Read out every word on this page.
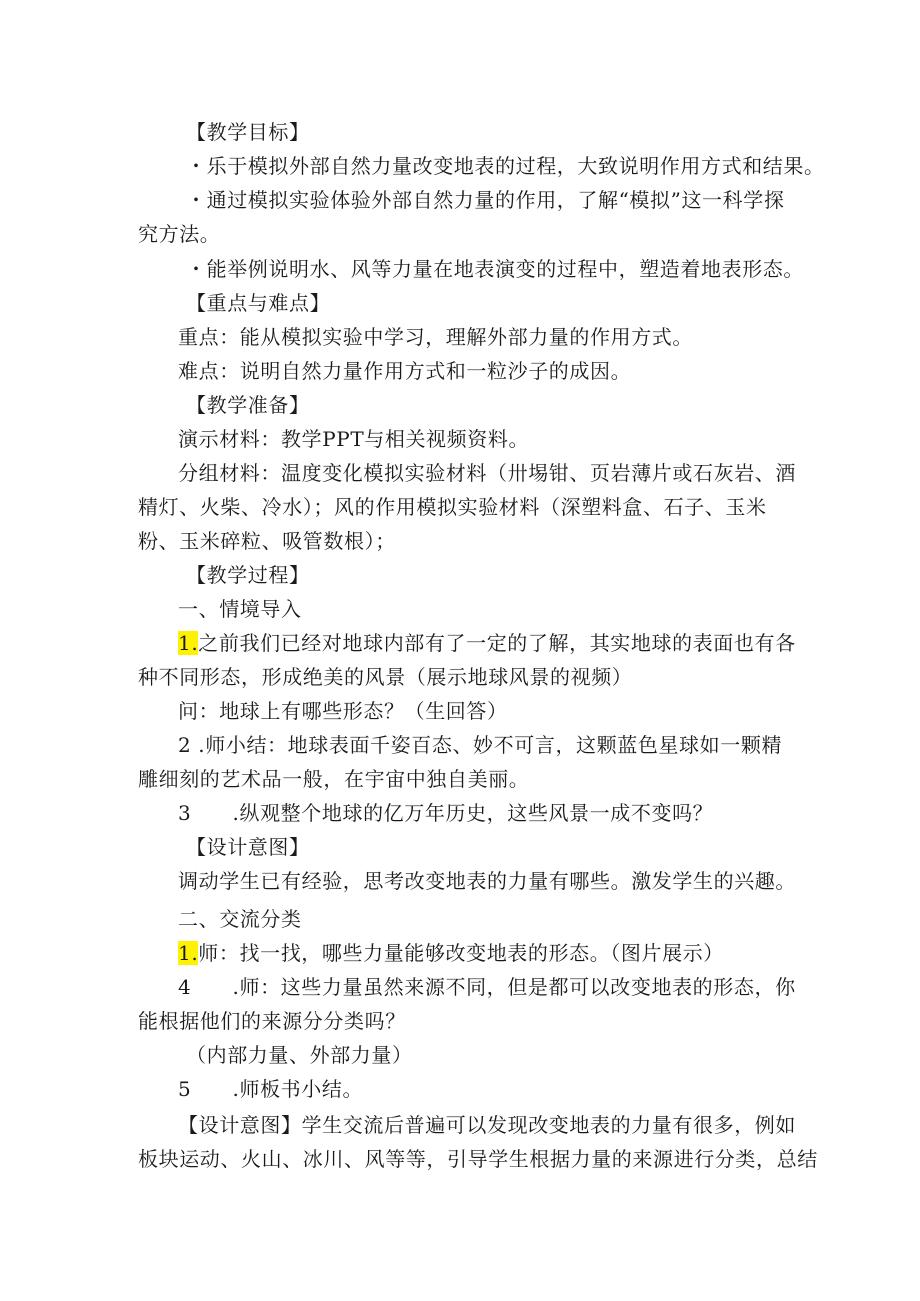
【教学目标】
・乐于模拟外部自然力量改变地表的过程，大致说明作用方式和结果。
・通过模拟实验体验外部自然力量的作用，了解“模拟”这一科学探
究方法。
・能举例说明水、风等力量在地表演变的过程中，塑造着地表形态。
【重点与难点】
重点：能从模拟实验中学习，理解外部力量的作用方式。
难点：说明自然力量作用方式和一粒沙子的成因。
【教学准备】
演示材料：教学PPT与相关视频资料。
分组材料：温度变化模拟实验材料（卅埸钳、页岩薄片或石灰岩、酒
精灯、火柴、冷水）；风的作用模拟实验材料（深塑料盒、石子、玉米
粉、玉米碎粒、吸管数根）；
【教学过程】
一、情境导入
1.之前我们已经对地球内部有了一定的了解，其实地球的表面也有各
种不同形态，形成绝美的风景（展示地球风景的视频）
问：地球上有哪些形态？（生回答）
2 .师小结：地球表面千姿百态、妙不可言，这颗蓝色星球如一颗精
雕细刻的艺术品一般，在宇宙中独自美丽。
3　　.纵观整个地球的亿万年历史，这些风景一成不变吗？
【设计意图】
调动学生已有经验，思考改变地表的力量有哪些。激发学生的兴趣。
二、交流分类
1.师：找一找，哪些力量能够改变地表的形态。（图片展示）
4　　.师：这些力量虽然来源不同，但是都可以改变地表的形态，你
能根据他们的来源分分类吗？
（内部力量、外部力量）
5　　.师板书小结。
【设计意图】学生交流后普遍可以发现改变地表的力量有很多，例如
板块运动、火山、冰川、风等等，引导学生根据力量的来源进行分类，总结
